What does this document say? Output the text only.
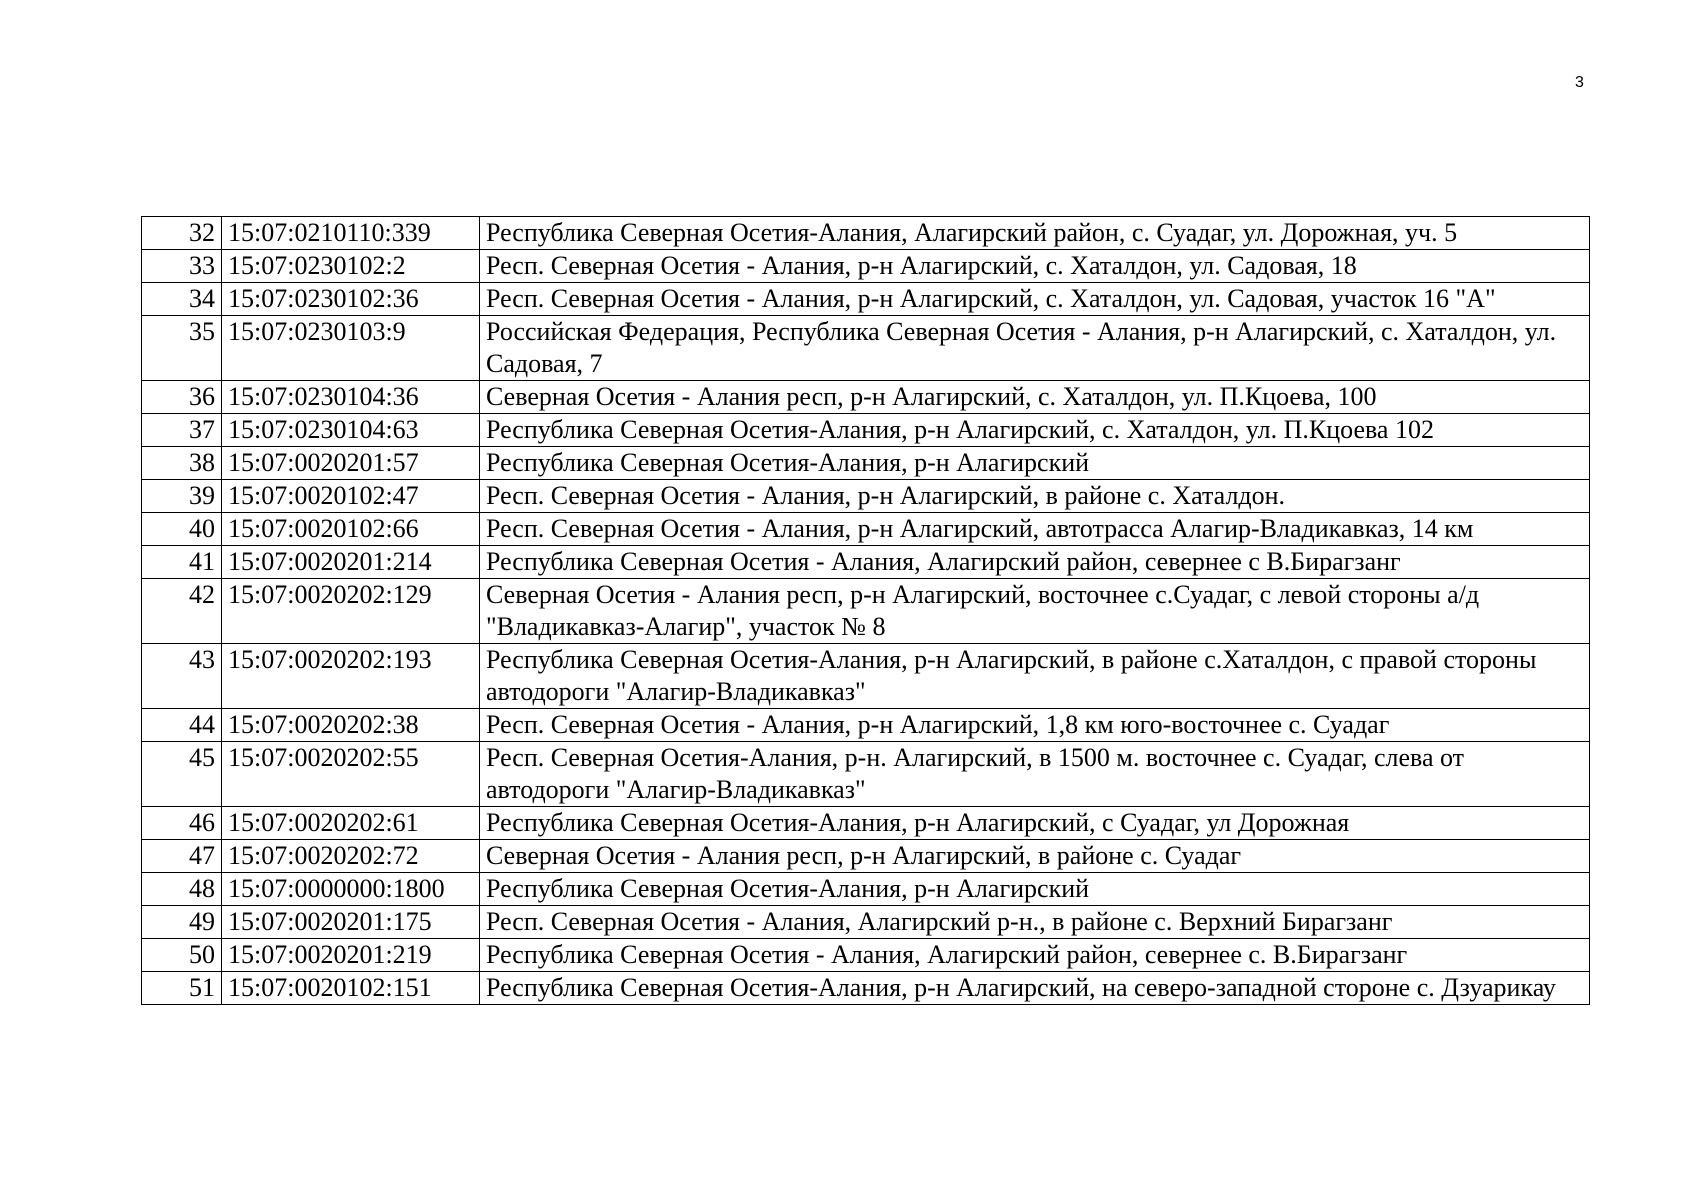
3
32	15:07:0210110:339	Республика Северная Осетия-Алания, Алагирский район, с. Суадаг, ул. Дорожная, уч. 5
33	15:07:0230102:2	Респ. Северная Осетия - Алания, р-н Алагирский, с. Хаталдон, ул. Садовая, 18
34	15:07:0230102:36	Респ. Северная Осетия - Алания, р-н Алагирский, с. Хаталдон, ул. Садовая, участок 16 "А"
35	15:07:0230103:9	Российская Федерация, Республика Северная Осетия - Алания, р-н Алагирский, с. Хаталдон, ул. Садовая, 7
36	15:07:0230104:36	Северная Осетия - Алания респ, р-н Алагирский, с. Хаталдон, ул. П.Кцоева, 100
37	15:07:0230104:63	Республика Северная Осетия-Алания, р-н Алагирский, с. Хаталдон, ул. П.Кцоева 102
38	15:07:0020201:57	Республика Северная Осетия-Алания, р-н Алагирский
39	15:07:0020102:47	Респ. Северная Осетия - Алания, р-н Алагирский, в районе с. Хаталдон.
40	15:07:0020102:66	Респ. Северная Осетия - Алания, р-н Алагирский, автотрасса Алагир-Владикавказ, 14 км
41	15:07:0020201:214	Республика Северная Осетия - Алания, Алагирский район, севернее с В.Бирагзанг
42	15:07:0020202:129	Северная Осетия - Алания респ, р-н Алагирский, восточнее с.Суадаг, с левой стороны а/д "Владикавказ-Алагир", участок № 8
43	15:07:0020202:193	Республика Северная Осетия-Алания, р-н Алагирский, в районе с.Хаталдон, с правой стороны автодороги "Алагир-Владикавказ"
44	15:07:0020202:38	Респ. Северная Осетия - Алания, р-н Алагирский, 1,8 км юго-восточнее с. Суадаг
45	15:07:0020202:55	Респ. Северная Осетия-Алания, р-н. Алагирский, в 1500 м. восточнее с. Суадаг, слева от автодороги "Алагир-Владикавказ"
46	15:07:0020202:61	Республика Северная Осетия-Алания, р-н Алагирский, с Суадаг, ул Дорожная
47	15:07:0020202:72	Северная Осетия - Алания респ, р-н Алагирский, в районе с. Суадаг
48	15:07:0000000:1800	Республика Северная Осетия-Алания, р-н Алагирский
49	15:07:0020201:175	Респ. Северная Осетия - Алания, Алагирский р-н., в районе с. Верхний Бирагзанг
50	15:07:0020201:219	Республика Северная Осетия - Алания, Алагирский район, севернее с. В.Бирагзанг
51	15:07:0020102:151	Республика Северная Осетия-Алания, р-н Алагирский, на северо-западной стороне с. Дзуарикау
